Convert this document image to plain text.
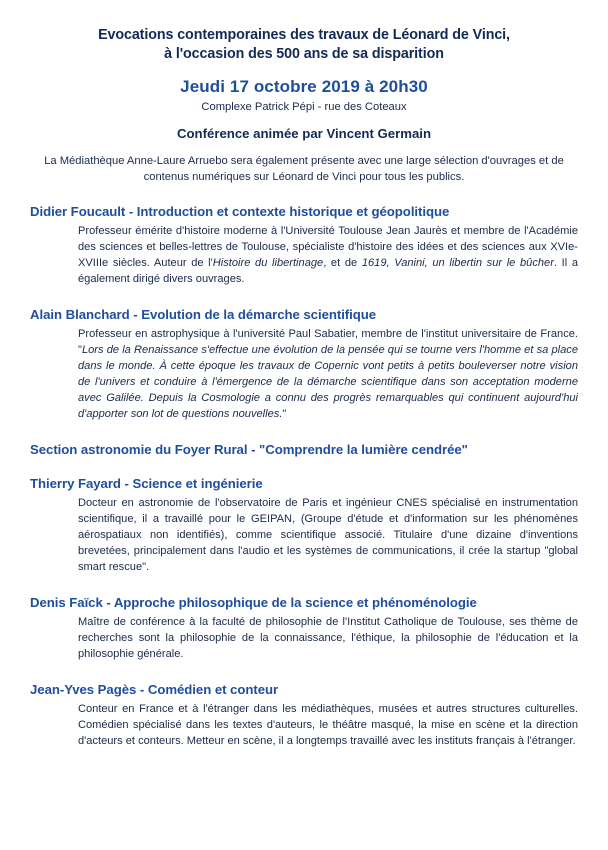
Evocations contemporaines des travaux de Léonard de Vinci,
à l'occasion des 500 ans de sa disparition
Jeudi 17 octobre 2019 à 20h30
Complexe Patrick Pépi - rue des Coteaux
Conférence animée par Vincent Germain
La Médiathèque Anne-Laure Arruebo sera également présente avec une large sélection d'ouvrages et de contenus numériques sur Léonard de Vinci pour tous les publics.
Didier Foucault - Introduction et contexte historique et géopolitique
Professeur émérite d'histoire moderne à l'Université Toulouse Jean Jaurès et membre de l'Académie des sciences et belles-lettres de Toulouse, spécialiste d'histoire des idées et des sciences aux XVIe-XVIIIe siècles. Auteur de l'Histoire du libertinage, et de 1619, Vanini, un libertin sur le bûcher. Il a également dirigé divers ouvrages.
Alain Blanchard - Evolution de la démarche scientifique
Professeur en astrophysique à l'université Paul Sabatier, membre de l'institut universitaire de France. "Lors de la Renaissance s'effectue une évolution de la pensée qui se tourne vers l'homme et sa place dans le monde. À cette époque les travaux de Copernic vont petits à petits bouleverser notre vision de l'univers et conduire à l'émergence de la démarche scientifique dans son acceptation moderne avec Galilée. Depuis la Cosmologie a connu des progrès remarquables qui continuent aujourd'hui d'apporter son lot de questions nouvelles."
Section astronomie du Foyer Rural - "Comprendre la lumière cendrée"
Thierry Fayard - Science et ingénierie
Docteur en astronomie de l'observatoire de Paris et ingénieur CNES spécialisé en instrumentation scientifique, il a travaillé pour le GEIPAN, (Groupe d'étude et d'information sur les phénomènes aérospatiaux non identifiés), comme scientifique associé. Titulaire d'une dizaine d'inventions brevetées, principalement dans l'audio et les systèmes de communications, il crée la startup "global smart rescue".
Denis Faïck - Approche philosophique de la science et phénoménologie
Maître de conférence à la faculté de philosophie de l'Institut Catholique de Toulouse, ses thème de recherches sont la philosophie de la connaissance, l'éthique, la philosophie de l'éducation et la philosophie générale.
Jean-Yves Pagès - Comédien et conteur
Conteur en France et à l'étranger dans les médiathèques, musées et autres structures culturelles. Comédien spécialisé dans les textes d'auteurs, le théâtre masqué, la mise en scène et la direction d'acteurs et conteurs. Metteur en scène, il a longtemps travaillé avec les instituts français à l'étranger.
